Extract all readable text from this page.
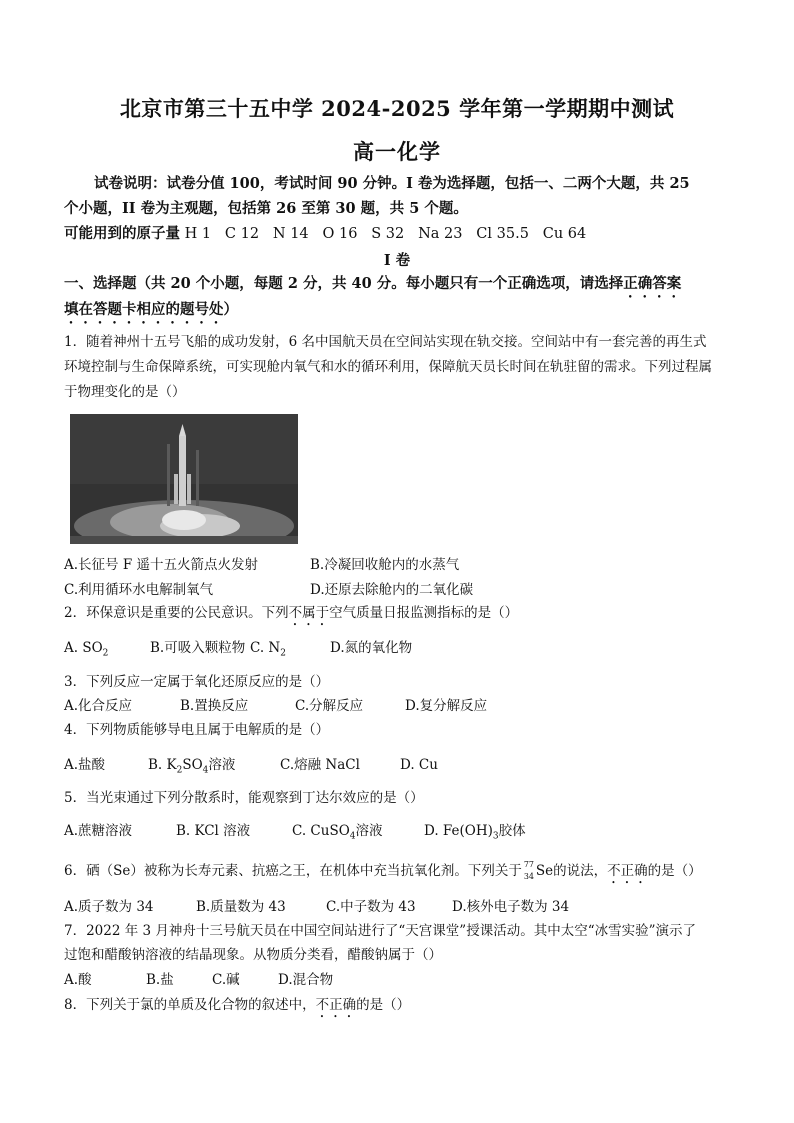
北京市第三十五中学 2024-2025 学年第一学期期中测试
高一化学
试卷说明：试卷分值 100，考试时间 90 分钟。I 卷为选择题，包括一、二两个大题，共 25
个小题，II 卷为主观题，包括第 26 至第 30 题，共 5 个题。
可能用到的原子量 H 1   C 12   N 14   O 16   S 32   Na 23   Cl 35.5   Cu 64
I 卷
一、选择题（共 20 个小题，每题 2 分，共 40 分。每小题只有一个正确选项，请选择正确答案
填在答题卡相应的题号处）
1．随着神州十五号飞船的成功发射，6 名中国航天员在空间站实现在轨交接。空间站中有一套完善的再生式
环境控制与生命保障系统，可实现舱内氧气和水的循环利用，保障航天员长时间在轨驻留的需求。下列过程属
于物理变化的是（）
A.长征号 F 遥十五火箭点火发射	B.冷凝回收舱内的水蒸气
C.利用循环水电解制氧气	D.还原去除舱内的二氧化碳
2．环保意识是重要的公民意识。下列不属于空气质量日报监测指标的是（）
A. $SO_2$	B.可吸入颗粒物 C. $N_2$	D.氮的氧化物
3．下列反应一定属于氧化还原反应的是（）
A.化合反应	B.置换反应	C.分解反应	D.复分解反应
4．下列物质能够导电且属于电解质的是（）
A.盐酸	B. $K_2SO_4$溶液	C.熔融 NaCl	D. Cu
5．当光束通过下列分散系时，能观察到丁达尔效应的是（）
A.蔗糖溶液	B. KCl 溶液	C. CuSO$_4$溶液	D. $Fe(OH)_3$胶体
6．硒（Se）被称为长寿元素、抗癌之王，在机体中充当抗氧化剂。下列关于 77
34 Se的说法，不正确的是（）
A.质子数为 34	B.质量数为 43	C.中子数为 43	D.核外电子数为 34
7．2022 年 3 月神舟十三号航天员在中国空间站进行了“天宫课堂”授课活动。其中太空“冰雪实验”演示了
过饱和醋酸钠溶液的结晶现象。从物质分类看，醋酸钠属于（）
A.酸	B.盐	C.碱	D.混合物
8．下列关于氯的单质及化合物的叙述中，不正确的是（）
